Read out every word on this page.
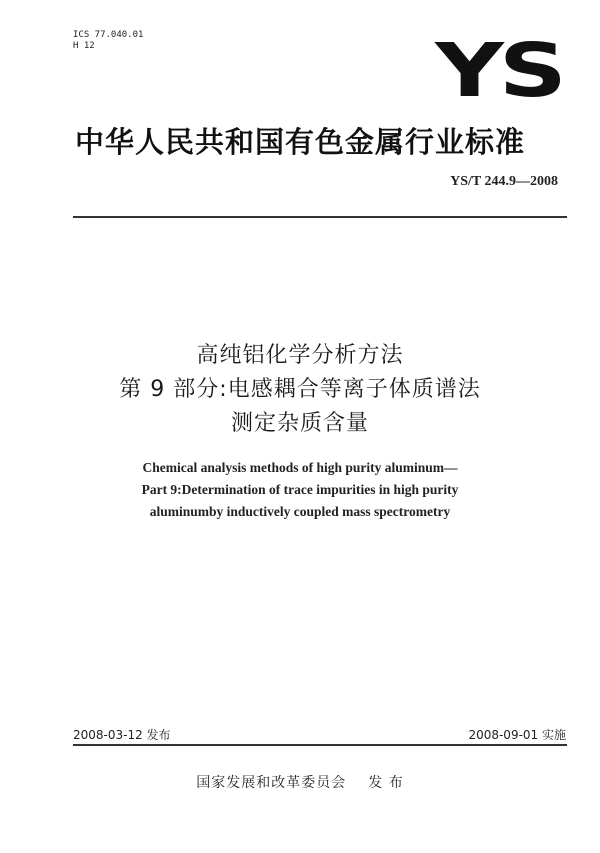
ICS 77.040.01
H 12	YS
中华人民共和国有色金属行业标准
YS/T 244.9—2008
高纯铝化学分析方法
第 9 部分:电感耦合等离子体质谱法
测定杂质含量
Chemical analysis methods of high purity aluminum—
Part 9:Determination of trace impurities in high purity
aluminumby inductively coupled mass spectrometry
2008-03-12 发布	2008-09-01 实施
国家发展和改革委员会 发 布
